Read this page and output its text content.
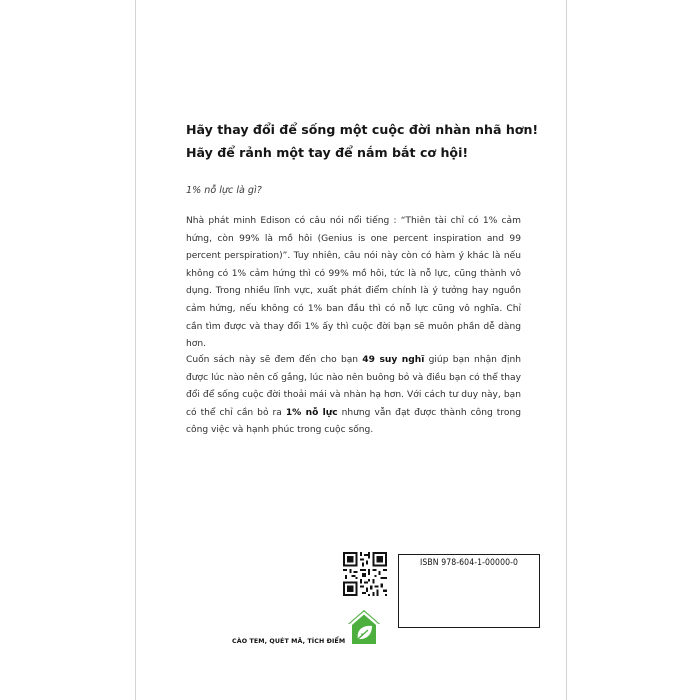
Hãy thay đổi để sống một cuộc đời nhàn nhã hơn!
Hãy để rảnh một tay để nắm bắt cơ hội!
1% nỗ lực là gì?

Nhà phát minh Edison có câu nói nổi tiếng : “Thiên tài chỉ có 1% cảm hứng, còn 99% là mồ hôi (Genius is one percent inspiration and 99 percent perspiration)”. Tuy nhiên, câu nói này còn có hàm ý khác là nếu không có 1% cảm hứng thì có 99% mồ hôi, tức là nỗ lực, cũng thành vô dụng. Trong nhiều lĩnh vực, xuất phát điểm chính là ý tưởng hay nguồn cảm hứng, nếu không có 1% ban đầu thì có nỗ lực cũng vô nghĩa. Chỉ cần tìm được và thay đổi 1% ấy thì cuộc đời bạn sẽ muôn phần dễ dàng hơn.

Cuốn sách này sẽ đem đến cho bạn 49 suy nghĩ giúp bạn nhận định được lúc nào nên cố gắng, lúc nào nên buông bỏ và điều bạn có thể thay đổi để sống cuộc đời thoải mái và nhàn hạ hơn. Với cách tư duy này, bạn có thể chỉ cần bỏ ra 1% nỗ lực nhưng vẫn đạt được thành công trong công việc và hạnh phúc trong cuộc sống.

ISBN 978-604-1-00000-0
CÀO TEM, QUÉT MÃ, TÍCH ĐIỂM
